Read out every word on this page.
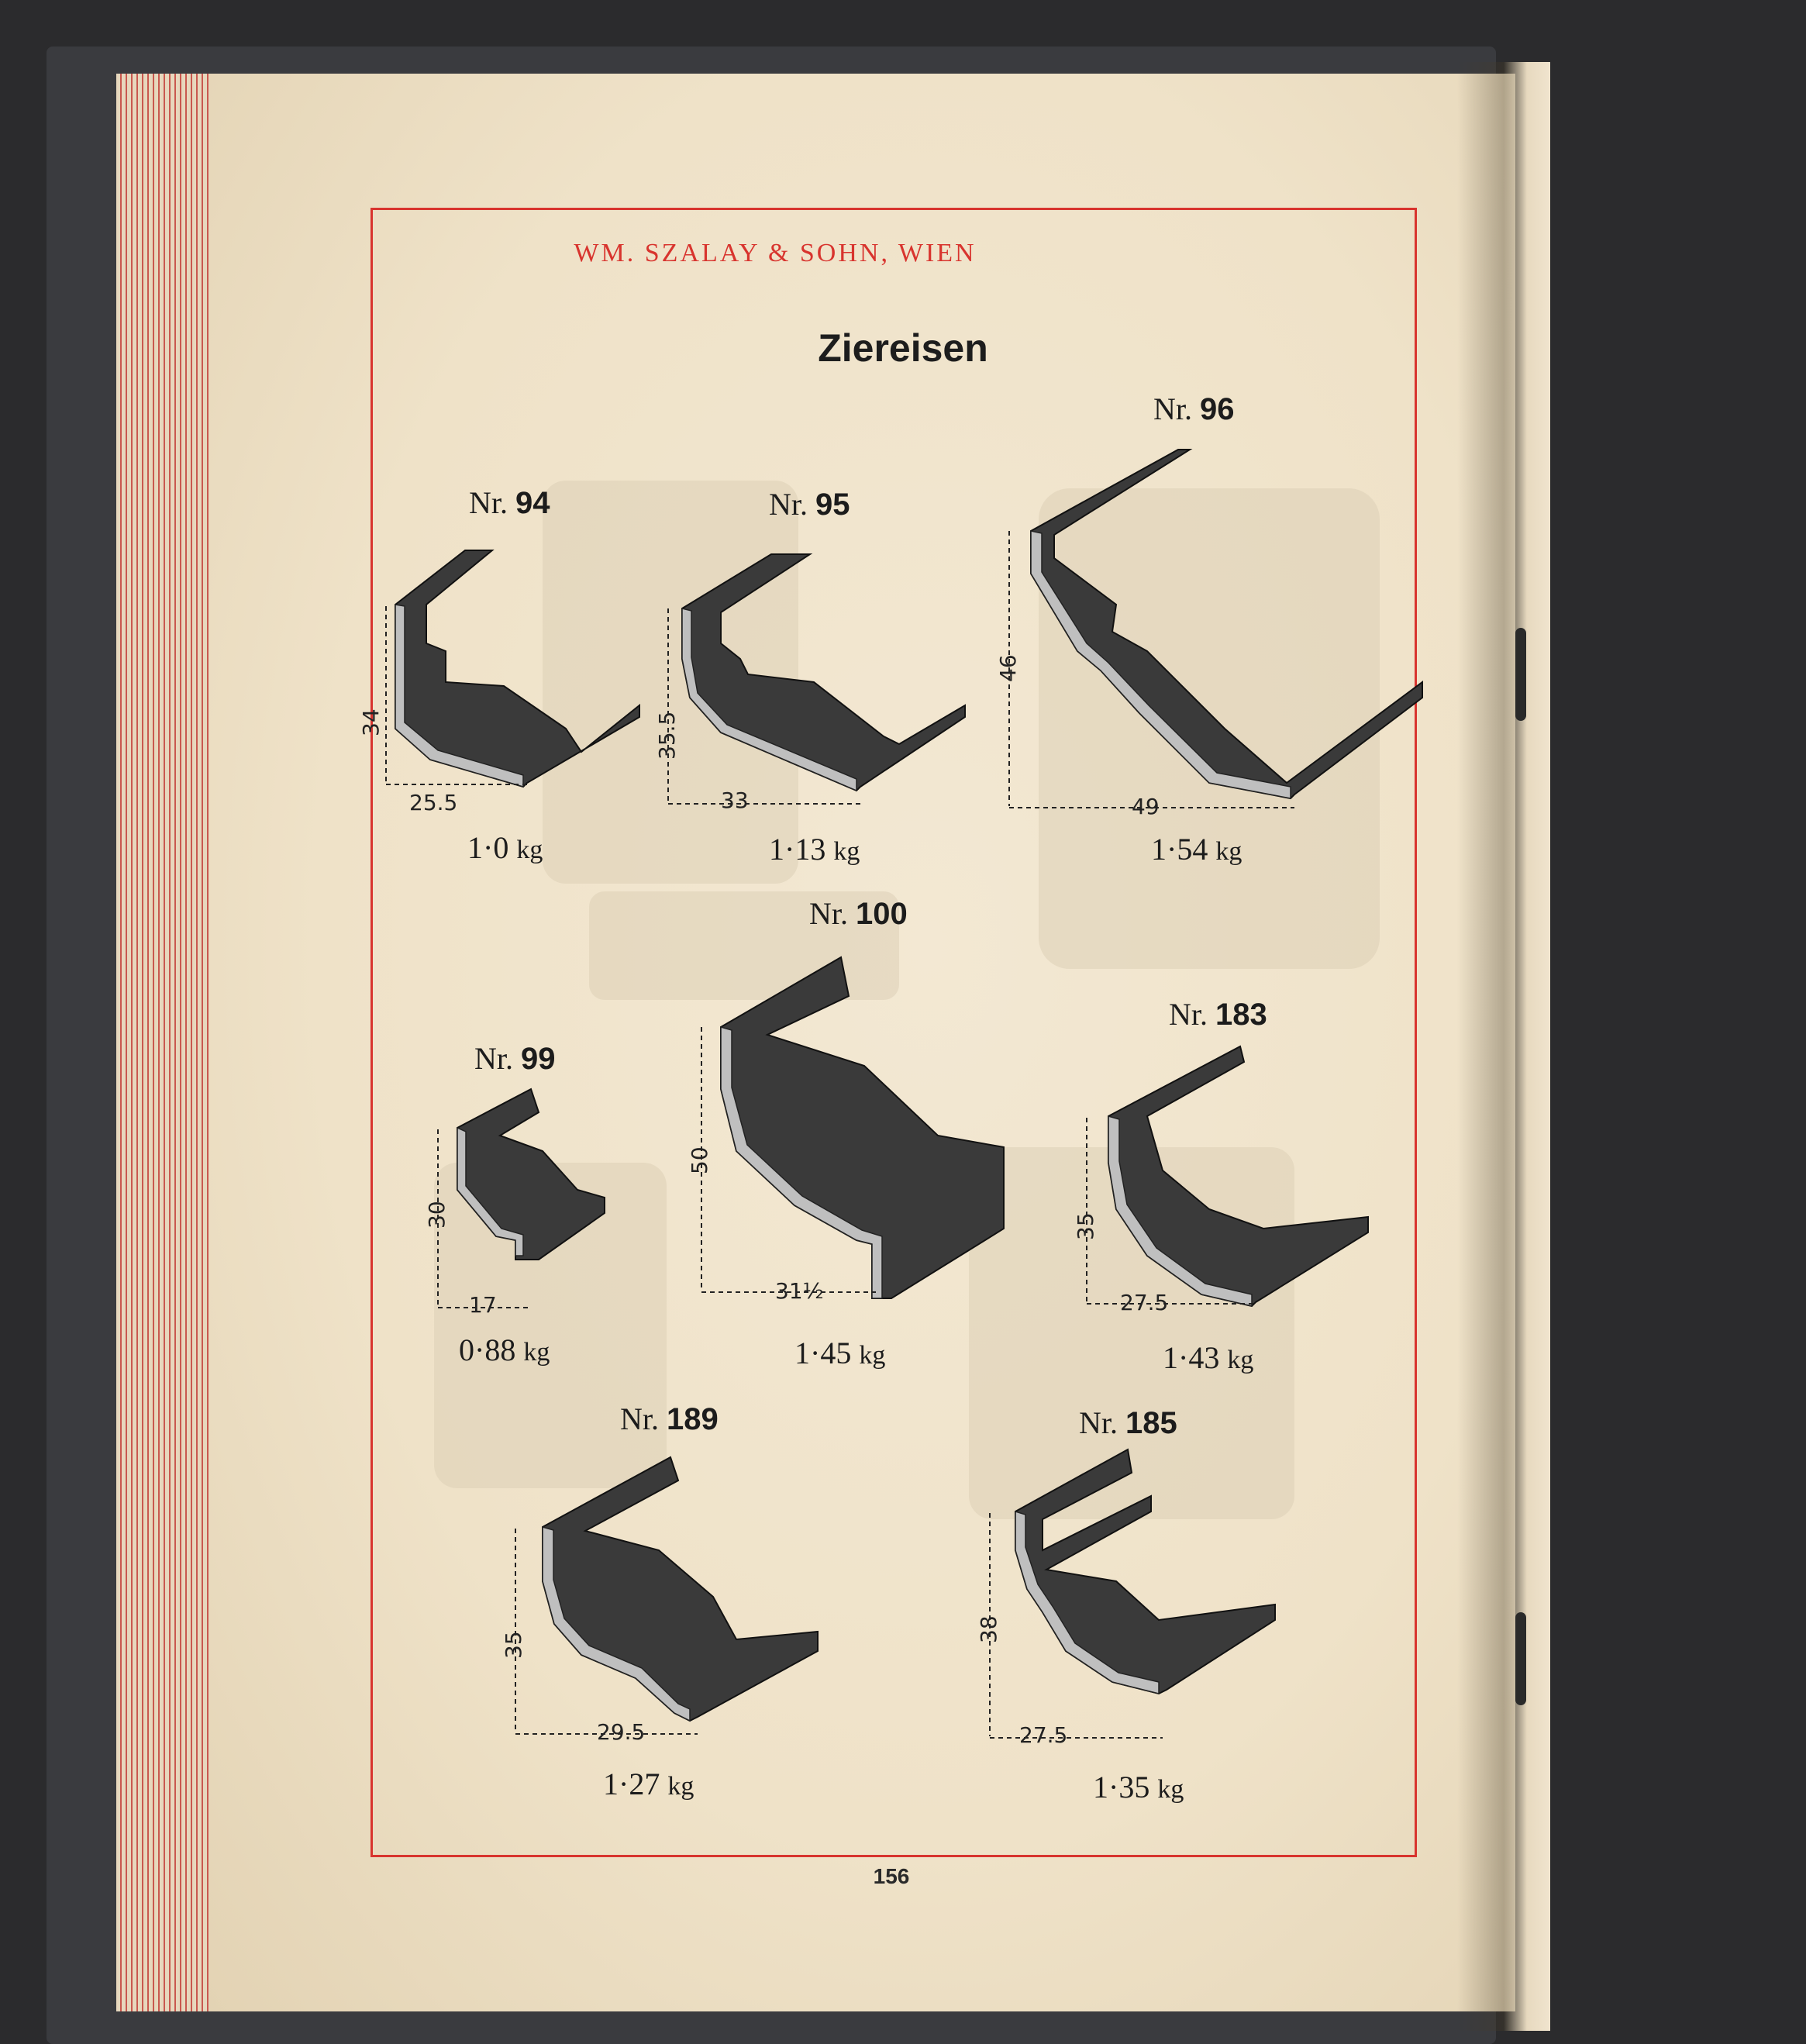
WM. SZALAY & SOHN, WIEN
Ziereisen
Nr. 94	Nr. 95
Nr. 96
Nr. 100
Nr. 99
Nr. 183
Nr. 189	Nr. 185
34
25.5
35.5
33
46
49
30
17
50
31½
35
27.5
35
29.5
38
27.5
1·0 kg	1·13 kg	1·54 kg
0·88 kg	1·45 kg	1·43 kg
1·27 kg	1·35 kg
156
